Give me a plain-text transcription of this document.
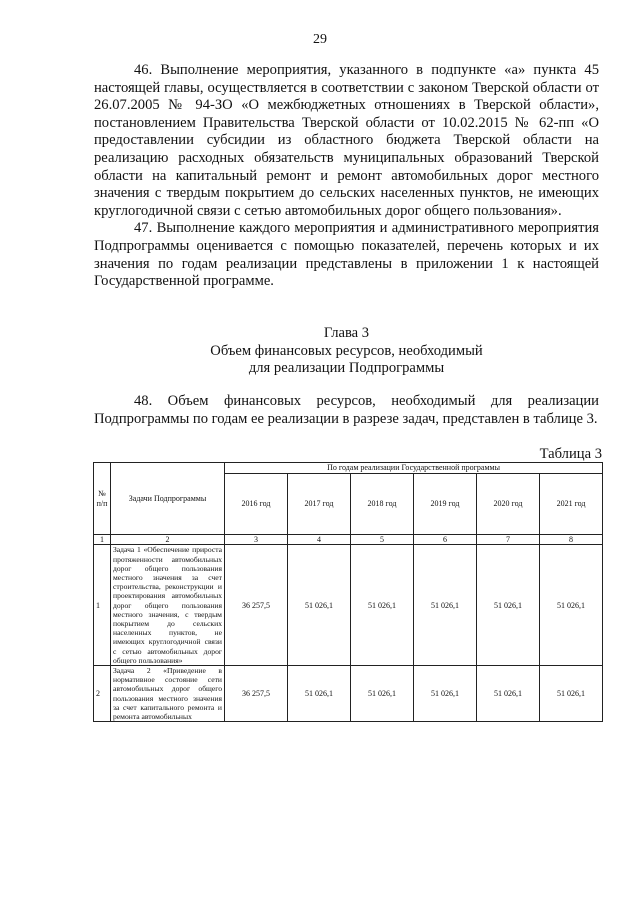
29

46. Выполнение мероприятия, указанного в подпункте «а» пункта 45 настоящей главы, осуществляется в соответствии с законом Тверской области от 26.07.2005 № 94-ЗО «О межбюджетных отношениях в Тверской области», постановлением Правительства Тверской области от 10.02.2015 № 62-пп «О предоставлении субсидии из областного бюджета Тверской области на реализацию расходных обязательств муниципальных образований Тверской области на капитальный ремонт и ремонт автомобильных дорог местного значения с твердым покрытием до сельских населенных пунктов, не имеющих круглогодичной связи с сетью автомобильных дорог общего пользования».

47. Выполнение каждого мероприятия и административного мероприятия Подпрограммы оценивается с помощью показателей, перечень которых и их значения по годам реализации представлены в приложении 1 к настоящей Государственной программе.

Глава 3
Объем финансовых ресурсов, необходимый
для реализации Подпрограммы

48. Объем финансовых ресурсов, необходимый для реализации Подпрограммы по годам ее реализации в разрезе задач, представлен в таблице 3.

Таблица 3
№ п/п	Задачи Подпрограммы	По годам реализации Государственной программы					
		2016 год	2017 год	2018 год	2019 год	2020 год	2021 год
1	2	3	4	5	6	7	8
1	Задача 1 «Обеспечение прироста протяженности автомобильных дорог общего пользования местного значения за счет строительства, реконструкции и проектирования автомобильных дорог общего пользования местного значения, с твердым покрытием до сельских населенных пунктов, не имеющих круглогодичной связи с сетью автомобильных дорог общего пользования»	36 257,5	51 026,1	51 026,1	51 026,1	51 026,1	51 026,1
2	Задача 2 «Приведение в нормативное состояние сети автомобильных дорог общего пользования местного значения за счет капитального ремонта и ремонта автомобильных	36 257,5	51 026,1	51 026,1	51 026,1	51 026,1	51 026,1
